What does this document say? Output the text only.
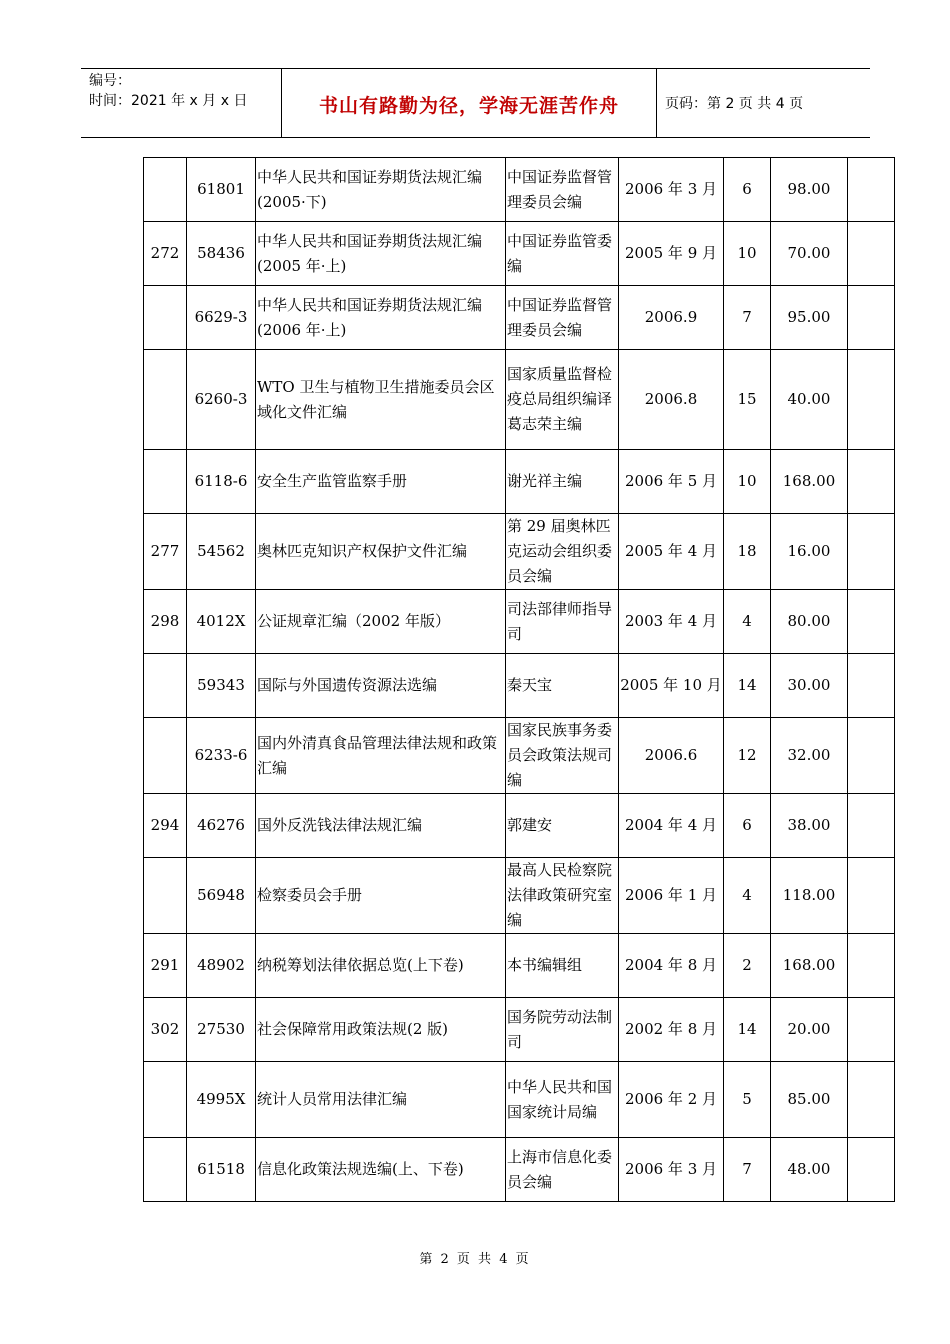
编号：
时间：2021 年 x 月 x 日	书山有路勤为径，学海无涯苦作舟	页码：第 2 页 共 4 页
	61801	中华人民共和国证券期货法规汇编(2005·下)	中国证券监督管理委员会编	2006 年 3 月	6	98.00	
272	58436	中华人民共和国证券期货法规汇编(2005 年·上)	中国证券监管委编	2005 年 9 月	10	70.00	
	6629-3	中华人民共和国证券期货法规汇编(2006 年·上)	中国证券监督管理委员会编	2006.9	7	95.00	
	6260-3	WTO 卫生与植物卫生措施委员会区域化文件汇编	国家质量监督检疫总局组织编译 葛志荣主编	2006.8	15	40.00	
	6118-6	安全生产监管监察手册	谢光祥主编	2006 年 5 月	10	168.00	
277	54562	奥林匹克知识产权保护文件汇编	第 29 届奥林匹克运动会组织委员会编	2005 年 4 月	18	16.00	
298	4012X	公证规章汇编（2002 年版）	司法部律师指导司	2003 年 4 月	4	80.00	
	59343	国际与外国遗传资源法选编	秦天宝	2005 年 10 月	14	30.00	
	6233-6	国内外清真食品管理法律法规和政策汇编	国家民族事务委员会政策法规司编	2006.6	12	32.00	
294	46276	国外反洗钱法律法规汇编	郭建安	2004 年 4 月	6	38.00	
	56948	检察委员会手册	最高人民检察院法律政策研究室编	2006 年 1 月	4	118.00	
291	48902	纳税筹划法律依据总览(上下卷)	本书编辑组	2004 年 8 月	2	168.00	
302	27530	社会保障常用政策法规(2 版)	国务院劳动法制司	2002 年 8 月	14	20.00	
	4995X	统计人员常用法律汇编	中华人民共和国国家统计局编	2006 年 2 月	5	85.00	
	61518	信息化政策法规选编(上、下卷)	上海市信息化委员会编	2006 年 3 月	7	48.00	
第 2 页 共 4 页
